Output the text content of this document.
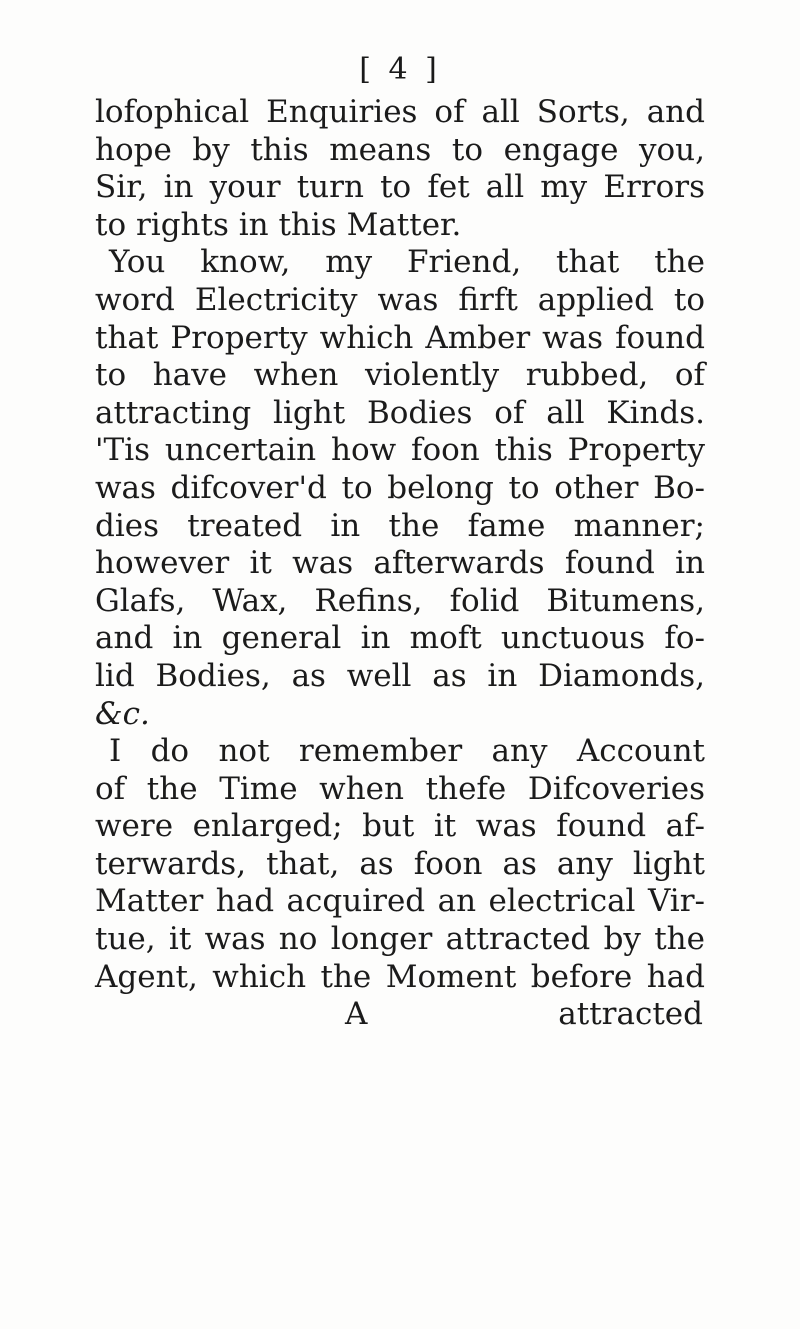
[ 4 ]
lofophical Enquiries of all Sorts, and
hope by this means to engage you,
Sir, in your turn to fet all my Errors
to rights in this Matter.
You know, my Friend, that the
word Electricity was firft applied to
that Property which Amber was found
to have when violently rubbed, of
attracting light Bodies of all Kinds.
'Tis uncertain how foon this Property
was difcover'd to belong to other Bo-
dies treated in the fame manner;
however it was afterwards found in
Glafs, Wax, Refins, folid Bitumens,
and in general in moft unctuous fo-
lid Bodies, as well as in Diamonds,
&c.
I do not remember any Account
of the Time when thefe Difcoveries
were enlarged; but it was found af-
terwards, that, as foon as any light
Matter had acquired an electrical Vir-
tue, it was no longer attracted by the
Agent, which the Moment before had
A	attracted
